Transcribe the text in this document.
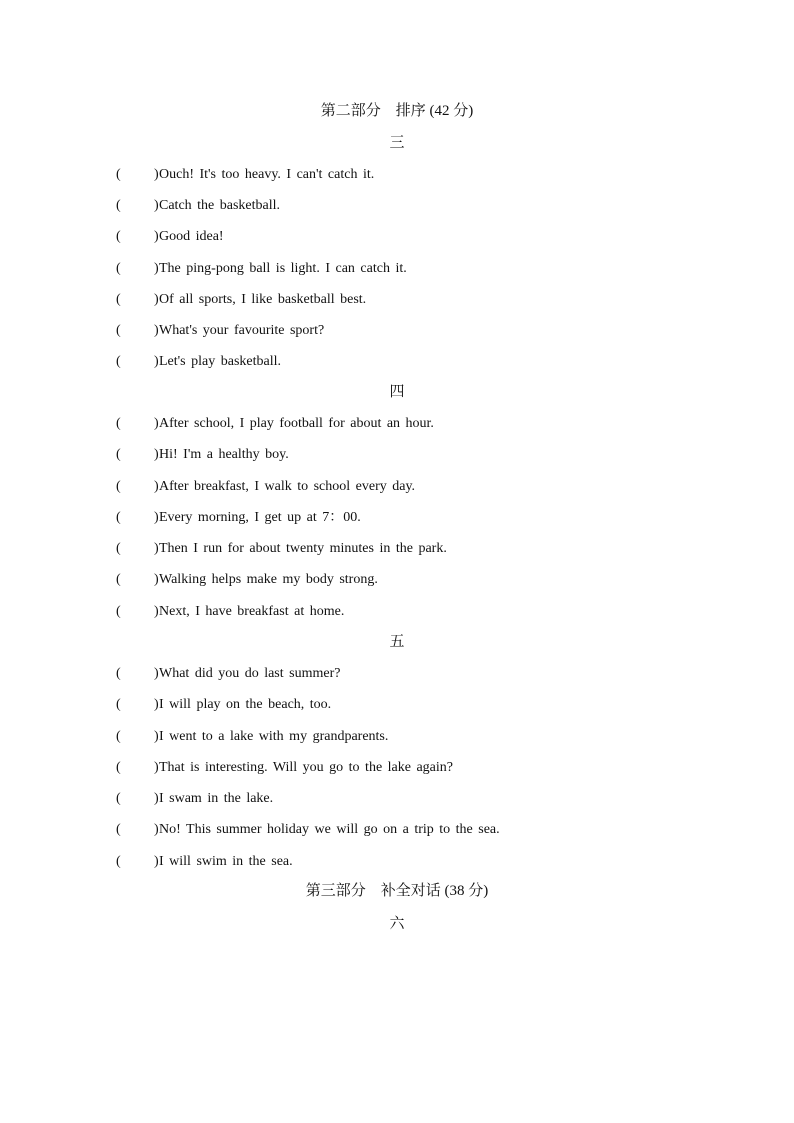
第二部分　排序 (42 分)
三
( ) Ouch! It's too heavy. I can't catch it.
( ) Catch the basketball.
( ) Good idea!
( ) The ping-pong ball is light. I can catch it.
( ) Of all sports, I like basketball best.
( ) What's your favourite sport?
( ) Let's play basketball.
四
( ) After school, I play football for about an hour.
( ) Hi! I'm a healthy boy.
( ) After breakfast, I walk to school every day.
( ) Every morning, I get up at 7：00.
( ) Then I run for about twenty minutes in the park.
( ) Walking helps make my body strong.
( ) Next, I have breakfast at home.
五
( ) What did you do last summer?
( ) I will play on the beach, too.
( ) I went to a lake with my grandparents.
( ) That is interesting. Will you go to the lake again?
( ) I swam in the lake.
( ) No! This summer holiday we will go on a trip to the sea.
( ) I will swim in the sea.
第三部分　补全对话 (38 分)
六
